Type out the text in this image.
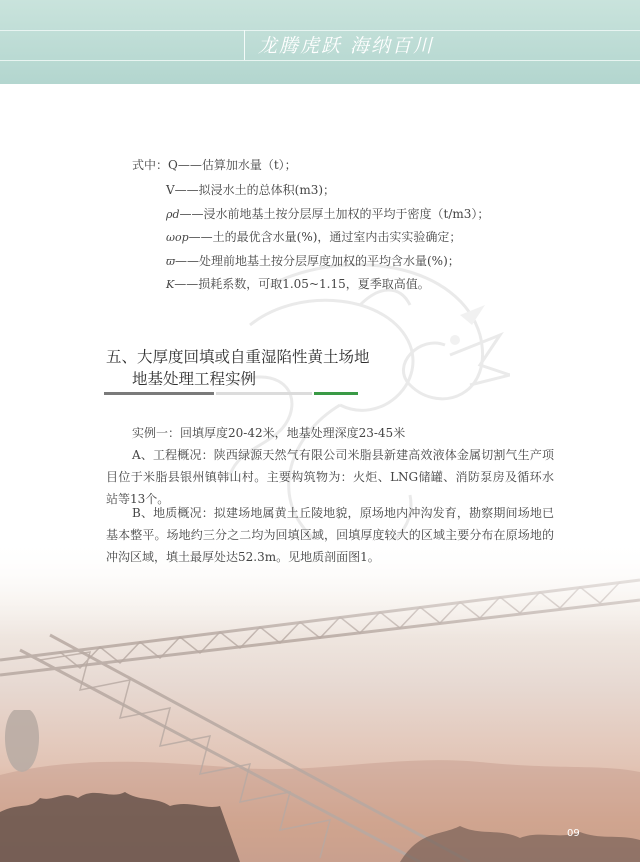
龙腾虎跃 海纳百川
式中：Q——估算加水量（t）；
V——拟浸水土的总体积(m3)；
ρd——浸水前地基土按分层厚土加权的平均于密度（t/m3）；
ωop——土的最优含水量(%)，通过室内击实实验确定；
ϖ——处理前地基土按分层厚度加权的平均含水量(%)；
K——损耗系数，可取1.05~1.15，夏季取高值。
五、大厚度回填或自重湿陷性黄土场地
地基处理工程实例
实例一：回填厚度20-42米，地基处理深度23-45米
A、工程概况：陕西绿源天然气有限公司米脂县新建高效液体金属切割气生产项目位于米脂县银州镇韩山村。主要构筑物为：火炬、LNG储罐、消防泵房及循环水站等13个。
B、地质概况：拟建场地属黄土丘陵地貌，原场地内冲沟发育，勘察期间场地已基本整平。场地约三分之二均为回填区域，回填厚度较大的区域主要分布在原场地的冲沟区域，填土最厚处达52.3m。见地质剖面图1。
09
